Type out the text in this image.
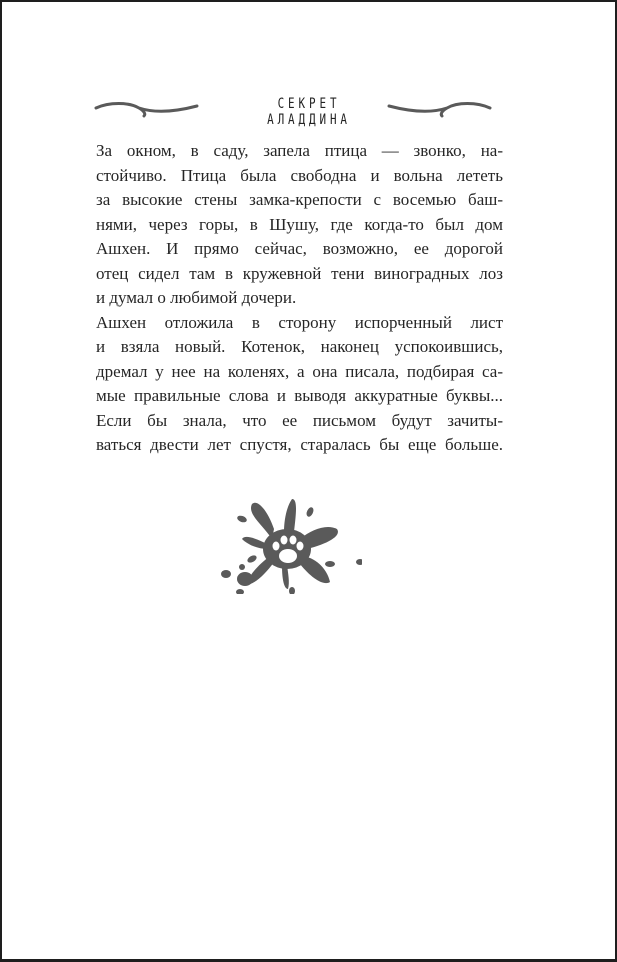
СЕКРЕТ АЛАДДИНА

За окном, в саду, запела птица — звонко, на-
стойчиво. Птица была свободна и вольна лететь
за высокие стены замка-крепости с восемью баш-
нями, через горы, в Шушу, где когда-то был дом
Ашхен. И прямо сейчас, возможно, ее дорогой
отец сидел там в кружевной тени виноградных лоз
и думал о любимой дочери.

Ашхен отложила в сторону испорченный лист
и взяла новый. Котенок, наконец успокоившись,
дремал у нее на коленях, а она писала, подбирая са-
мые правильные слова и выводя аккуратные буквы...

Если бы знала, что ее письмом будут зачиты-
ваться двести лет спустя, старалась бы еще больше.
